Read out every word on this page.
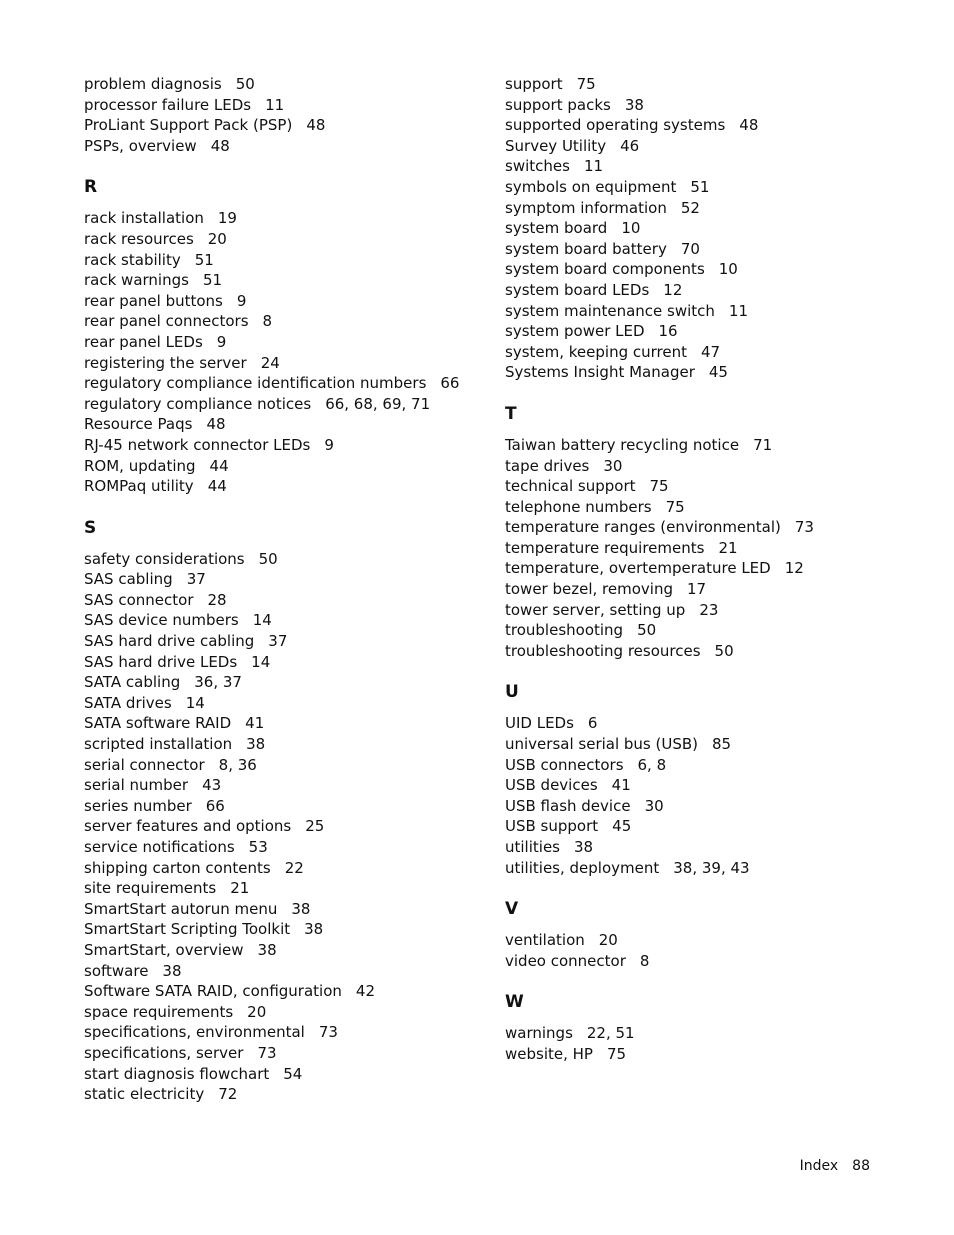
problem diagnosis 50
processor failure LEDs 11
ProLiant Support Pack (PSP) 48
PSPs, overview 48
R
rack installation 19
rack resources 20
rack stability 51
rack warnings 51
rear panel buttons 9
rear panel connectors 8
rear panel LEDs 9
registering the server 24
regulatory compliance identification numbers 66
regulatory compliance notices 66, 68, 69, 71
Resource Paqs 48
RJ-45 network connector LEDs 9
ROM, updating 44
ROMPaq utility 44
S
safety considerations 50
SAS cabling 37
SAS connector 28
SAS device numbers 14
SAS hard drive cabling 37
SAS hard drive LEDs 14
SATA cabling 36, 37
SATA drives 14
SATA software RAID 41
scripted installation 38
serial connector 8, 36
serial number 43
series number 66
server features and options 25
service notifications 53
shipping carton contents 22
site requirements 21
SmartStart autorun menu 38
SmartStart Scripting Toolkit 38
SmartStart, overview 38
software 38
Software SATA RAID, configuration 42
space requirements 20
specifications, environmental 73
specifications, server 73
start diagnosis flowchart 54
static electricity 72
support 75
support packs 38
supported operating systems 48
Survey Utility 46
switches 11
symbols on equipment 51
symptom information 52
system board 10
system board battery 70
system board components 10
system board LEDs 12
system maintenance switch 11
system power LED 16
system, keeping current 47
Systems Insight Manager 45
T
Taiwan battery recycling notice 71
tape drives 30
technical support 75
telephone numbers 75
temperature ranges (environmental) 73
temperature requirements 21
temperature, overtemperature LED 12
tower bezel, removing 17
tower server, setting up 23
troubleshooting 50
troubleshooting resources 50
U
UID LEDs 6
universal serial bus (USB) 85
USB connectors 6, 8
USB devices 41
USB flash device 30
USB support 45
utilities 38
utilities, deployment 38, 39, 43
V
ventilation 20
video connector 8
W
warnings 22, 51
website, HP 75
Index 88
